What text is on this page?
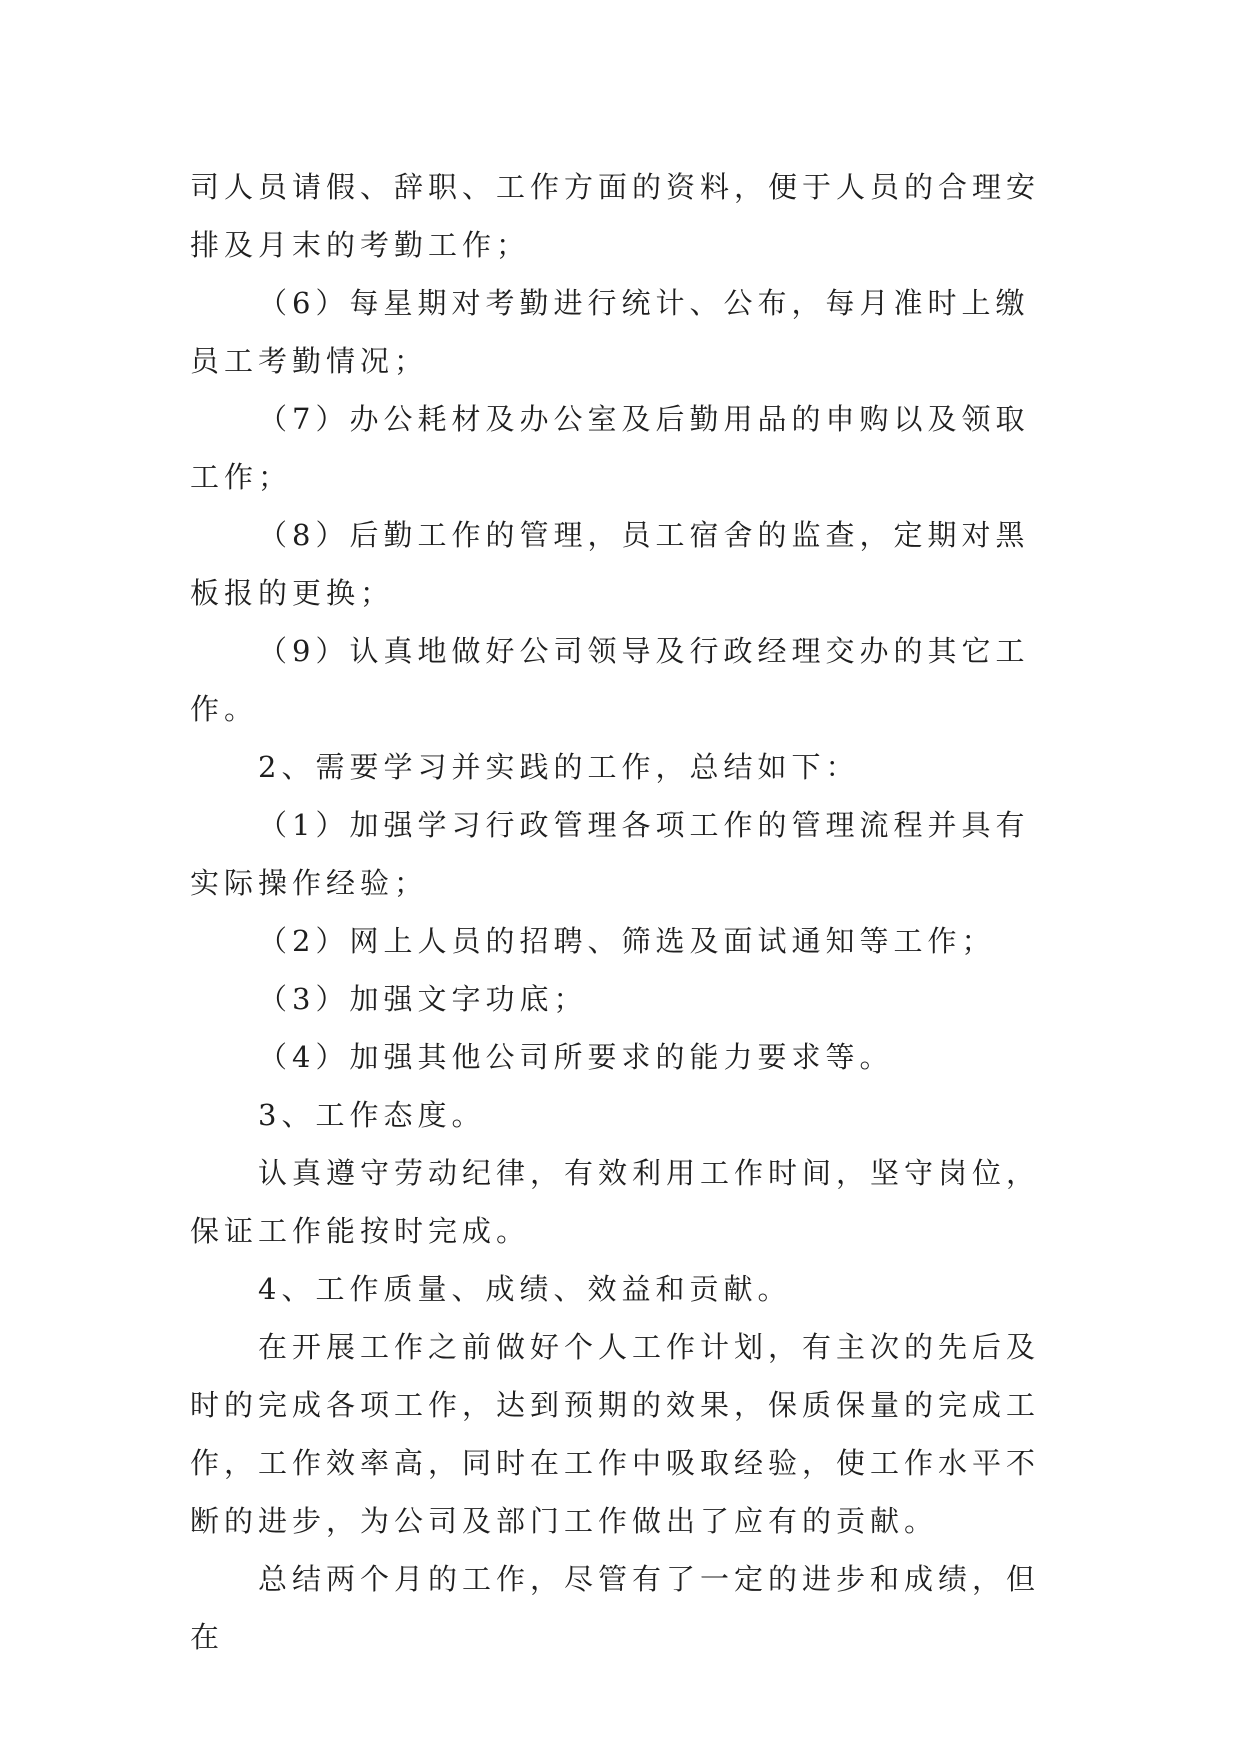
司人员请假、辞职、工作方面的资料，便于人员的合理安排及月末的考勤工作；

（6）每星期对考勤进行统计、公布，每月准时上缴员工考勤情况；

（7）办公耗材及办公室及后勤用品的申购以及领取工作；

（8）后勤工作的管理，员工宿舍的监查，定期对黑板报的更换；

（9）认真地做好公司领导及行政经理交办的其它工作。

2、需要学习并实践的工作，总结如下：

（1）加强学习行政管理各项工作的管理流程并具有实际操作经验；

（2）网上人员的招聘、筛选及面试通知等工作；

（3）加强文字功底；

（4）加强其他公司所要求的能力要求等。

3、工作态度。

认真遵守劳动纪律，有效利用工作时间，坚守岗位，保证工作能按时完成。

4、工作质量、成绩、效益和贡献。

在开展工作之前做好个人工作计划，有主次的先后及时的完成各项工作，达到预期的效果，保质保量的完成工作，工作效率高，同时在工作中吸取经验，使工作水平不断的进步，为公司及部门工作做出了应有的贡献。

总结两个月的工作，尽管有了一定的进步和成绩，但在
